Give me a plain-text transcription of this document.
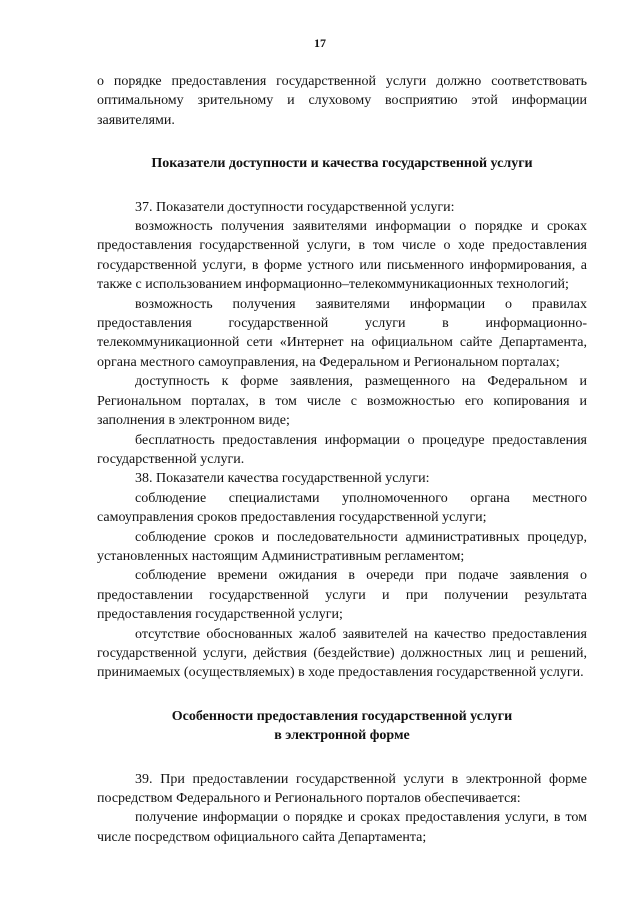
17

о порядке предоставления государственной услуги должно соответствовать оптимальному зрительному и слуховому восприятию этой информации заявителями.

Показатели доступности и качества государственной услуги

37. Показатели доступности государственной услуги:

возможность получения заявителями информации о порядке и сроках предоставления государственной услуги, в том числе о ходе предоставления государственной услуги, в форме устного или письменного информирования, а также с использованием информационно–телекоммуникационных технологий;

возможность получения заявителями информации о правилах предоставления государственной услуги в информационно-телекоммуникационной сети «Интернет на официальном сайте Департамента, органа местного самоуправления, на Федеральном и Региональном порталах;

доступность к форме заявления, размещенного на Федеральном и Региональном порталах, в том числе с возможностью его копирования и заполнения в электронном виде;

бесплатность предоставления информации о процедуре предоставления государственной услуги.

38. Показатели качества государственной услуги:

соблюдение специалистами уполномоченного органа местного самоуправления сроков предоставления государственной услуги;

соблюдение сроков и последовательности административных процедур, установленных настоящим Административным регламентом;

соблюдение времени ожидания в очереди при подаче заявления о предоставлении государственной услуги и при получении результата предоставления государственной услуги;

отсутствие обоснованных жалоб заявителей на качество предоставления государственной услуги, действия (бездействие) должностных лиц и решений, принимаемых (осуществляемых) в ходе предоставления государственной услуги.

Особенности предоставления государственной услуги

в электронной форме

39. При предоставлении государственной услуги в электронной форме посредством Федерального и Регионального порталов обеспечивается:

получение информации о порядке и сроках предоставления услуги, в том числе посредством официального сайта Департамента;
